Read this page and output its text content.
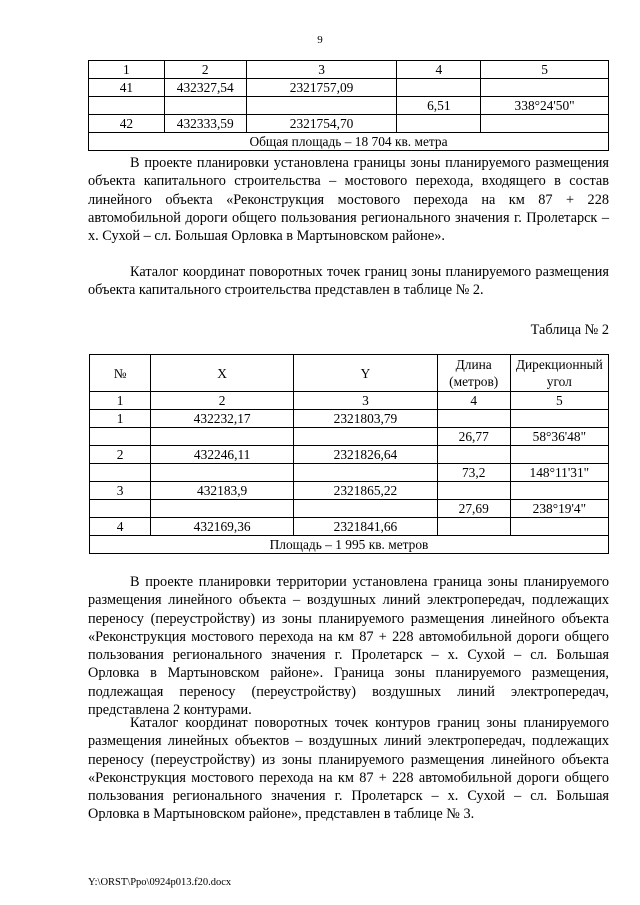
9
1	2	3	4	5
41	432327,54	2321757,09		
			6,51	338°24'50"
42	432333,59	2321754,70		
Общая площадь – 18 704 кв. метра				

В проекте планировки установлена границы зоны планируемого размещения объекта капитального строительства – мостового перехода, входящего в состав линейного объекта «Реконструкция мостового перехода на км 87 + 228 автомобильной дороги общего пользования регионального значения г. Пролетарск – х. Сухой – сл. Большая Орловка в Мартыновском районе».

Каталог координат поворотных точек границ зоны планируемого размещения объекта капитального строительства представлен в таблице № 2.

Таблица № 2
№	X	Y	Длина (метров)	Дирекционный угол
1	2	3	4	5
1	432232,17	2321803,79		
			26,77	58°36'48"
2	432246,11	2321826,64		
			73,2	148°11'31"
3	432183,9	2321865,22		
			27,69	238°19'4"
4	432169,36	2321841,66		
Площадь – 1 995 кв. метров				

В проекте планировки территории установлена граница зоны планируемого размещения линейного объекта – воздушных линий электропередач, подлежащих переносу (переустройству) из зоны планируемого размещения линейного объекта «Реконструкция мостового перехода на км 87 + 228 автомобильной дороги общего пользования регионального значения г. Пролетарск – х. Сухой – сл. Большая Орловка в Мартыновском районе». Граница зоны планируемого размещения, подлежащая переносу (переустройству) воздушных линий электропередач, представлена 2 контурами.

Каталог координат поворотных точек контуров границ зоны планируемого размещения линейных объектов – воздушных линий электропередач, подлежащих переносу (переустройству) из зоны планируемого размещения линейного объекта «Реконструкция мостового перехода на км 87 + 228 автомобильной дороги общего пользования регионального значения г. Пролетарск – х. Сухой – сл. Большая Орловка в Мартыновском районе», представлен в таблице № 3.

Y:\ORST\Ppo\0924p013.f20.docx
